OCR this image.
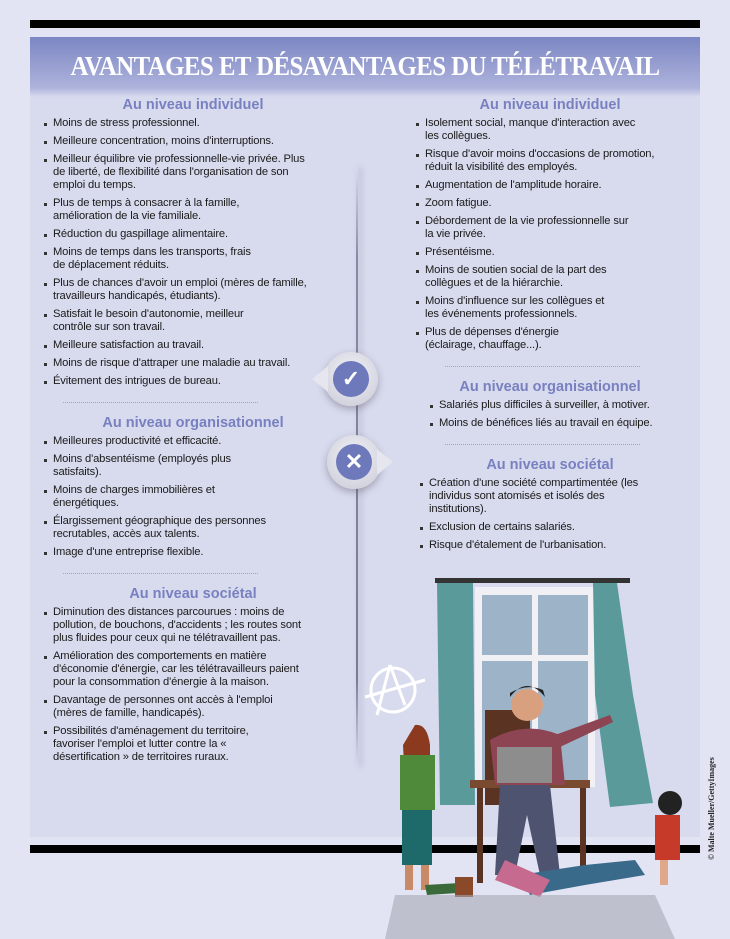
AVANTAGES ET DÉSAVANTAGES DU TÉLÉTRAVAIL
Au niveau individuel
Moins de stress professionnel.
Meilleure concentration, moins d'interruptions.
Meilleur équilibre vie professionnelle-vie privée. Plus de liberté, de flexibilité dans l'organisation de son emploi du temps.
Plus de temps à consacrer à la famille, amélioration de la vie familiale.
Réduction du gaspillage alimentaire.
Moins de temps dans les transports, frais de déplacement réduits.
Plus de chances d'avoir un emploi (mères de famille, travailleurs handicapés, étudiants).
Satisfait le besoin d'autonomie, meilleur contrôle sur son travail.
Meilleure satisfaction au travail.
Moins de risque d'attraper une maladie au travail.
Évitement des intrigues de bureau.
Au niveau organisationnel
Meilleures productivité et efficacité.
Moins d'absentéisme (employés plus satisfaits).
Moins de charges immobilières et énergétiques.
Élargissement géographique des personnes recrutables, accès aux talents.
Image d'une entreprise flexible.
Au niveau sociétal
Diminution des distances parcourues : moins de pollution, de bouchons, d'accidents ; les routes sont plus fluides pour ceux qui ne télétravaillent pas.
Amélioration des comportements en matière d'économie d'énergie, car les télétravailleurs paient pour la consommation d'énergie à la maison.
Davantage de personnes ont accès à l'emploi (mères de famille, handicapés).
Possibilités d'aménagement du territoire, favoriser l'emploi et lutter contre la « désertification » de territoires ruraux.
✓
✕
Au niveau individuel
Isolement social, manque d'interaction avec les collègues.
Risque d'avoir moins d'occasions de promotion, réduit la visibilité des employés.
Augmentation de l'amplitude horaire.
Zoom fatigue.
Débordement de la vie professionnelle sur la vie privée.
Présentéisme.
Moins de soutien social de la part des collègues et de la hiérarchie.
Moins d'influence sur les collègues et les événements professionnels.
Plus de dépenses d'énergie (éclairage, chauffage...).
Au niveau organisationnel
Salariés plus difficiles à surveiller, à motiver.
Moins de bénéfices liés au travail en équipe.
Au niveau sociétal
Création d'une société compartimentée (les individus sont atomisés et isolés des institutions).
Exclusion de certains salariés.
Risque d'étalement de l'urbanisation.
© Malte Mueller/GettyImages
